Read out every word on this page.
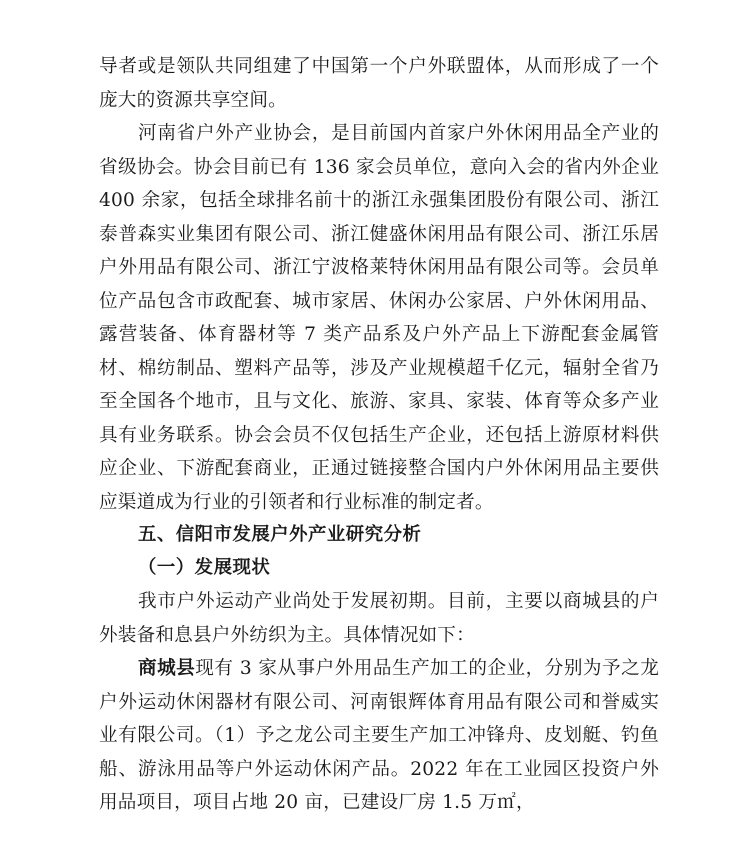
导者或是领队共同组建了中国第一个户外联盟体，从而形成了一个庞大的资源共享空间。

河南省户外产业协会，是目前国内首家户外休闲用品全产业的省级协会。协会目前已有 136 家会员单位，意向入会的省内外企业 400 余家，包括全球排名前十的浙江永强集团股份有限公司、浙江泰普森实业集团有限公司、浙江健盛休闲用品有限公司、浙江乐居户外用品有限公司、浙江宁波格莱特休闲用品有限公司等。会员单位产品包含市政配套、城市家居、休闲办公家居、户外休闲用品、露营装备、体育器材等 7 类产品系及户外产品上下游配套金属管材、棉纺制品、塑料产品等，涉及产业规模超千亿元，辐射全省乃至全国各个地市，且与文化、旅游、家具、家装、体育等众多产业具有业务联系。协会会员不仅包括生产企业，还包括上游原材料供应企业、下游配套商业，正通过链接整合国内户外休闲用品主要供应渠道成为行业的引领者和行业标准的制定者。

五、信阳市发展户外产业研究分析
（一）发展现状

我市户外运动产业尚处于发展初期。目前，主要以商城县的户外装备和息县户外纺织为主。具体情况如下：

商城县现有 3 家从事户外用品生产加工的企业，分别为予之龙户外运动休闲器材有限公司、河南银辉体育用品有限公司和誉威实业有限公司。（1）予之龙公司主要生产加工冲锋舟、皮划艇、钓鱼船、游泳用品等户外运动休闲产品。2022 年在工业园区投资户外用品项目，项目占地 20 亩，已建设厂房 1.5 万㎡，
